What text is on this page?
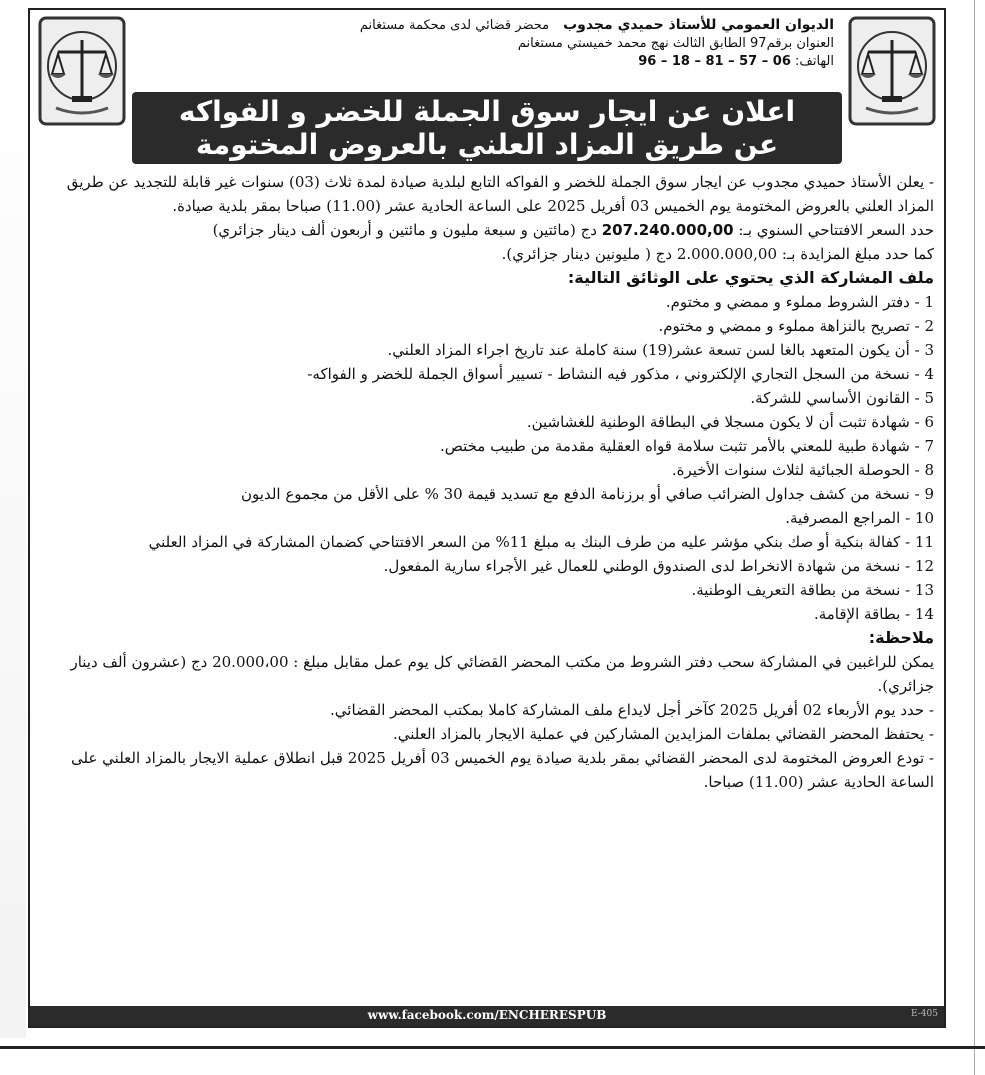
الديوان العمومي للأستاذ حميدي مجدوبمحضر قضائي لدى محكمة مستغانم
العنوان برقم97 الطابق الثالث نهج محمد خميستي مستغانم
الهاتف: 96 – 18 – 81 – 57 – 06
اعلان عن ايجار سوق الجملة للخضر و الفواكه
عن طريق المزاد العلني بالعروض المختومة

- يعلن الأستاذ حميدي مجدوب عن ايجار سوق الجملة للخضر و الفواكه التابع لبلدية صيادة لمدة ثلاث (03) سنوات غير قابلة للتجديد عن طريق المزاد العلني بالعروض المختومة يوم الخميس 03 أفريل 2025 على الساعة الحادية عشر (11.00) صباحا بمقر بلدية صيادة.

حدد السعر الافتتاحي السنوي بـ: 207.240.000,00 دج (مائتين و سبعة مليون و مائتين و أربعون ألف دينار جزائري)

كما حدد مبلغ المزايدة بـ: 2.000.000,00 دج ( مليونين دينار جزائري).

ملف المشاركة الذي يحتوي على الوثائق التالية:

1 - دفتر الشروط مملوء و ممضي و مختوم.
2 - تصريح بالنزاهة مملوء و ممضي و مختوم.
3 - أن يكون المتعهد بالغا لسن تسعة عشر(19) سنة كاملة عند تاريخ اجراء المزاد العلني.
4 - نسخة من السجل التجاري الإلكتروني ، مذكور فيه النشاط - تسيير أسواق الجملة للخضر و الفواكه-
5 - القانون الأساسي للشركة.
6 - شهادة تثبت أن لا يكون مسجلا في البطاقة الوطنية للغشاشين.
7 - شهادة طبية للمعني بالأمر تثبت سلامة قواه العقلية مقدمة من طبيب مختص.
8 - الحوصلة الجبائية لثلاث سنوات الأخيرة.
9 - نسخة من كشف جداول الضرائب صافي أو برزنامة الدفع مع تسديد قيمة 30 % على الأقل من مجموع الديون
10 - المراجع المصرفية.
11 - كفالة بنكية أو صك بنكي مؤشر عليه من طرف البنك به مبلغ 11% من السعر الافتتاحي كضمان المشاركة في المزاد العلني
12 - نسخة من شهادة الانخراط لدى الصندوق الوطني للعمال غير الأجراء سارية المفعول.
13 - نسخة من بطاقة التعريف الوطنية.
14 - بطاقة الإقامة.

ملاحظة:

يمكن للراغبين في المشاركة سحب دفتر الشروط من مكتب المحضر القضائي كل يوم عمل مقابل مبلغ : 20.000،00 دج (عشرون ألف دينار جزائري).

- حدد يوم الأربعاء 02 أفريل 2025 كآخر أجل لايداع ملف المشاركة كاملا بمكتب المحضر القضائي.

- يحتفظ المحضر القضائي بملفات المزايدين المشاركين في عملية الايجار بالمزاد العلني.

- تودع العروض المختومة لدى المحضر القضائي بمقر بلدية صيادة يوم الخميس 03 أفريل 2025 قبل انطلاق عملية الايجار بالمزاد العلني على الساعة الحادية عشر (11.00) صباحا.

www.facebook.com/ENCHERESPUB	E-405
